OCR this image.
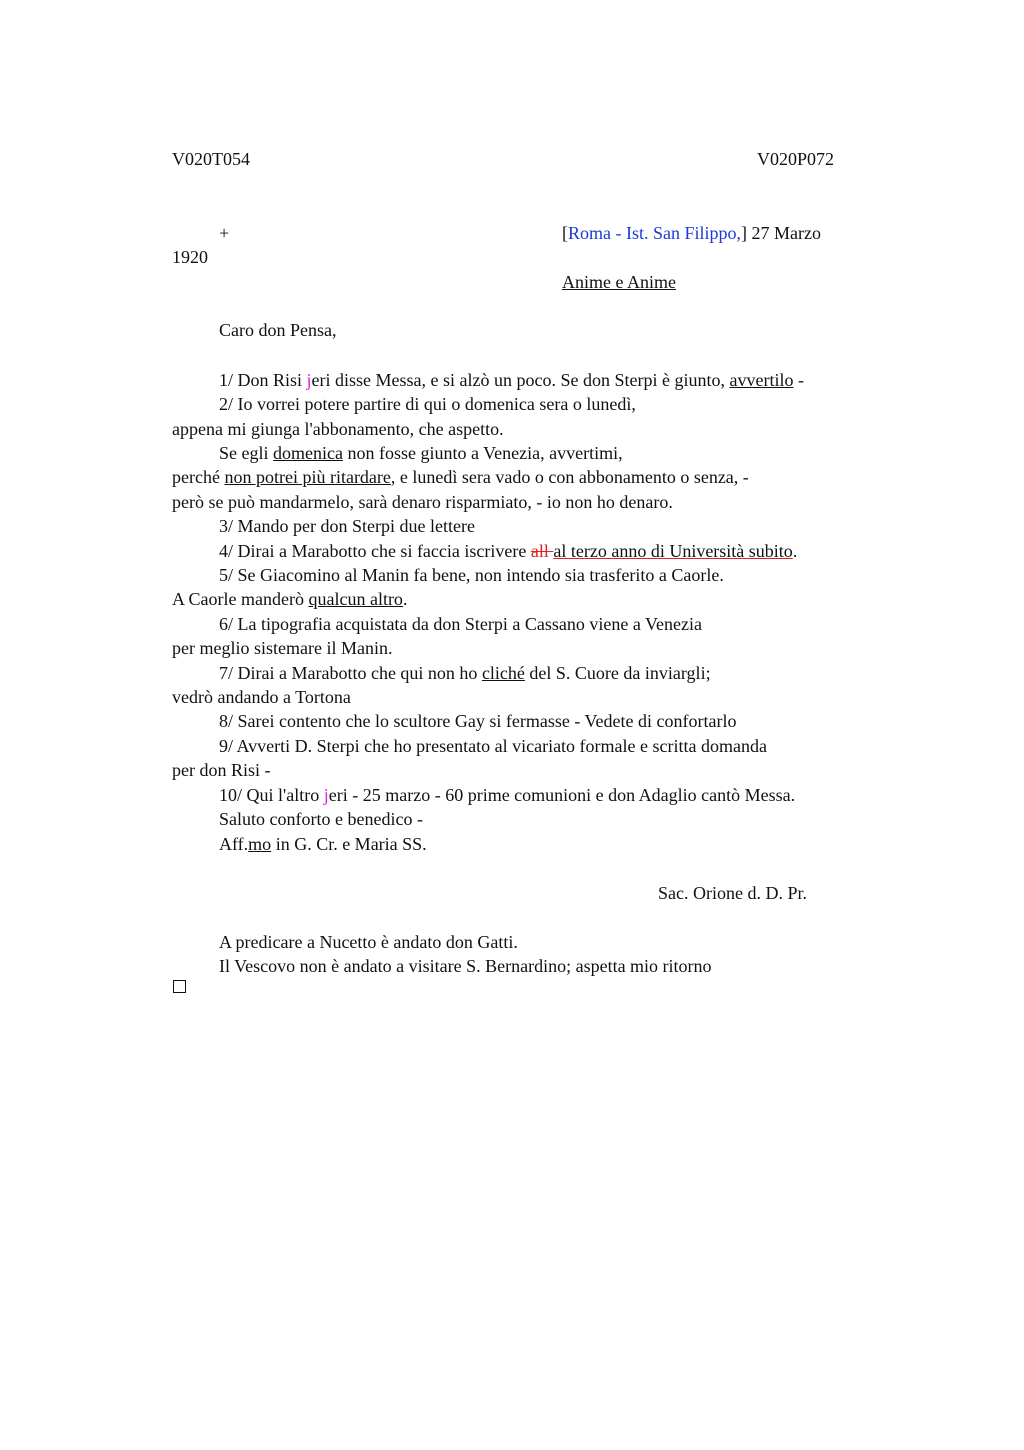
V020T054	V020P072
+	[Roma - Ist. San Filippo,] 27 Marzo
1920
Anime e Anime
Caro don Pensa,
1/ Don Risi jeri disse Messa, e si alzò un poco. Se don Sterpi è giunto, avvertilo -
2/ Io vorrei potere partire di qui o domenica sera o lunedì,
appena mi giunga l'abbonamento, che aspetto.
Se egli domenica non fosse giunto a Venezia, avvertimi,
perché non potrei più ritardare, e lunedì sera vado o con abbonamento o senza, -
però se può mandarmelo, sarà denaro risparmiato, - io non ho denaro.
3/ Mando per don Sterpi due lettere
4/ Dirai a Marabotto che si faccia iscrivere all al terzo anno di Università subito.
5/ Se Giacomino al Manin fa bene, non intendo sia trasferito a Caorle.
A Caorle manderò qualcun altro.
6/ La tipografia acquistata da don Sterpi a Cassano viene a Venezia
per meglio sistemare il Manin.
7/ Dirai a Marabotto che qui non ho cliché del S. Cuore da inviargli;
vedrò andando a Tortona
8/ Sarei contento che lo scultore Gay si fermasse - Vedete di confortarlo
9/ Avverti D. Sterpi che ho presentato al vicariato formale e scritta domanda
per don Risi -
10/ Qui l'altro jeri - 25 marzo - 60 prime comunioni e don Adaglio cantò Messa.
Saluto conforto e benedico -
Aff.mo in G. Cr. e Maria SS.
Sac. Orione d. D. Pr.
A predicare a Nucetto è andato don Gatti.
Il Vescovo non è andato a visitare S. Bernardino; aspetta mio ritorno
